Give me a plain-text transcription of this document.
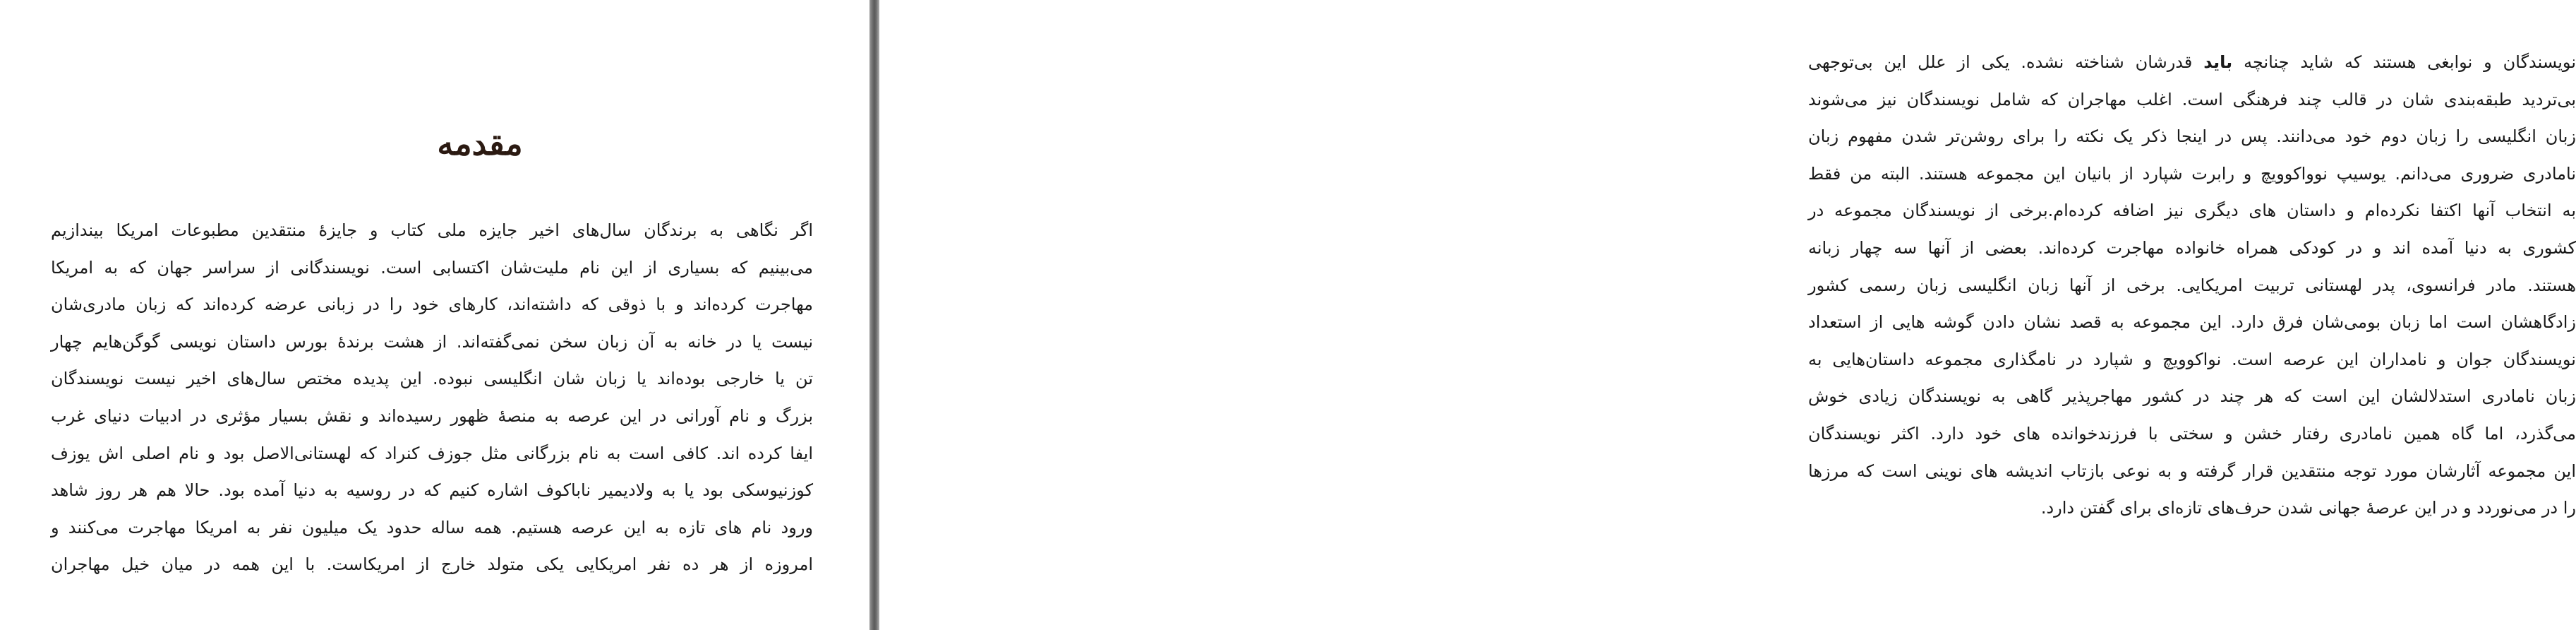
مقدمه
اگر نگاهی به برندگان سال‌های اخیر جایزه ملی کتاب و جایزهٔ منتقدین مطبوعات امریکا بیندازیم
می‌بینیم که بسیاری از این نام ملیت‌شان اکتسابی است. نویسندگانی از سراسر جهان که به امریکا
مهاجرت کرده‌اند و با ذوقی که داشته‌اند، کارهای خود را در زبانی عرضه کرده‌اند که زبان مادری‌شان
نیست یا در خانه به آن زبان سخن نمی‌گفته‌اند. از هشت برندهٔ بورس داستان نویسی گوگن‌هایم چهار
تن یا خارجی بوده‌اند یا زبان شان انگلیسی نبوده. این پدیده مختص سال‌های اخیر نیست نویسندگان
بزرگ و نام آورانی در این عرصه به منصهٔ ظهور رسیده‌اند و نقش بسیار مؤثری در ادبیات دنیای غرب
ایفا کرده اند. کافی است به نام بزرگانی مثل جوزف کنراد که لهستانی‌الاصل بود و نام اصلی اش یوزف
کوزنیوسکی بود یا به ولادیمیر ناباکوف اشاره کنیم که در روسیه به دنیا آمده بود. حالا هم هر روز شاهد
ورود نام های تازه به این عرصه هستیم. همه ساله حدود یک میلیون نفر به امریکا مهاجرت می‌کنند و
امروزه از هر ده نفر امریکایی یکی متولد خارج از امریکاست. با این همه در میان خیل مهاجران
نویسندگان و نوابغی هستند که شاید چنانچه باید قدرشان شناخته نشده. یکی از علل این بی‌توجهی
بی‌تردید طبقه‌بندی شان در قالب چند فرهنگی است. اغلب مهاجران که شامل نویسندگان نیز می‌شوند
زبان انگلیسی را زبان دوم خود می‌دانند. پس در اینجا ذکر یک نکته را برای روشن‌تر شدن مفهوم زبان
نامادری ضروری می‌دانم. یوسیپ نوواکوویچ و رابرت شپارد از بانیان این مجموعه هستند. البته من فقط
به انتخاب آنها اکتفا نکرده‌ام و داستان های دیگری نیز اضافه کرده‌ام.برخی از نویسندگان مجموعه در
کشوری به دنیا آمده اند و در کودکی همراه خانواده مهاجرت کرده‌اند. بعضی از آنها سه چهار زبانه
هستند. مادر فرانسوی، پدر لهستانی تربیت امریکایی. برخی از آنها زبان انگلیسی زبان رسمی کشور
زادگاهشان است اما زبان بومی‌شان فرق دارد. این مجموعه به قصد نشان دادن گوشه هایی از استعداد
نویسندگان جوان و نامداران این عرصه است. نواکوویچ و شپارد در نامگذاری مجموعه داستان‌هایی به
زبان نامادری استدلالشان این است که هر چند در کشور مهاجرپذیر گاهی به نویسندگان زیادی خوش
می‌گذرد، اما گاه همین نامادری رفتار خشن و سختی با فرزندخوانده های خود دارد. اکثر نویسندگان
این مجموعه آثارشان مورد توجه منتقدین قرار گرفته و به نوعی بازتاب اندیشه های نوینی است که مرزها
را در می‌نوردد و در این عرصهٔ جهانی شدن حرف‌های تازه‌ای برای گفتن دارد.
